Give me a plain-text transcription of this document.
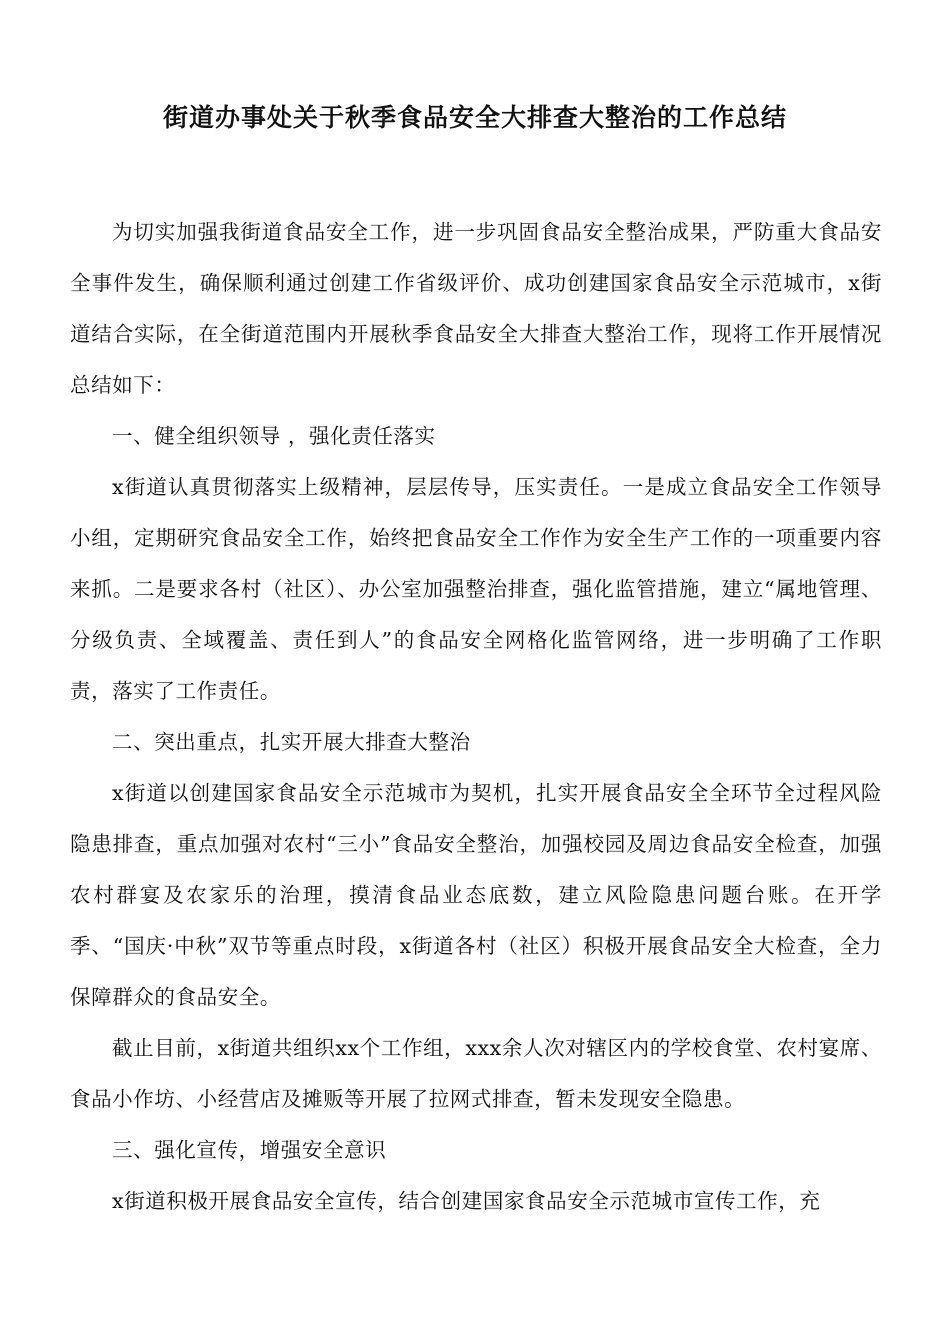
街道办事处关于秋季食品安全大排查大整治的工作总结

为切实加强我街道食品安全工作，进一步巩固食品安全整治成果，严防重大食品安全事件发生，确保顺利通过创建工作省级评价、成功创建国家食品安全示范城市，x街道结合实际，在全街道范围内开展秋季食品安全大排查大整治工作，现将工作开展情况总结如下：

一、健全组织领导 ，强化责任落实

x街道认真贯彻落实上级精神，层层传导，压实责任。一是成立食品安全工作领导小组，定期研究食品安全工作，始终把食品安全工作作为安全生产工作的一项重要内容来抓。二是要求各村（社区）、办公室加强整治排查，强化监管措施，建立“属地管理、分级负责、全域覆盖、责任到人”的食品安全网格化监管网络，进一步明确了工作职责，落实了工作责任。

二、突出重点，扎实开展大排查大整治

x街道以创建国家食品安全示范城市为契机，扎实开展食品安全全环节全过程风险隐患排查，重点加强对农村“三小”食品安全整治，加强校园及周边食品安全检查，加强农村群宴及农家乐的治理，摸清食品业态底数，建立风险隐患问题台账。在开学季、“国庆·中秋”双节等重点时段，x街道各村（社区）积极开展食品安全大检查，全力保障群众的食品安全。

截止目前，x街道共组织xx个工作组，xxx余人次对辖区内的学校食堂、农村宴席、食品小作坊、小经营店及摊贩等开展了拉网式排查，暂未发现安全隐患。

三、强化宣传，增强安全意识

x街道积极开展食品安全宣传，结合创建国家食品安全示范城市宣传工作，充
